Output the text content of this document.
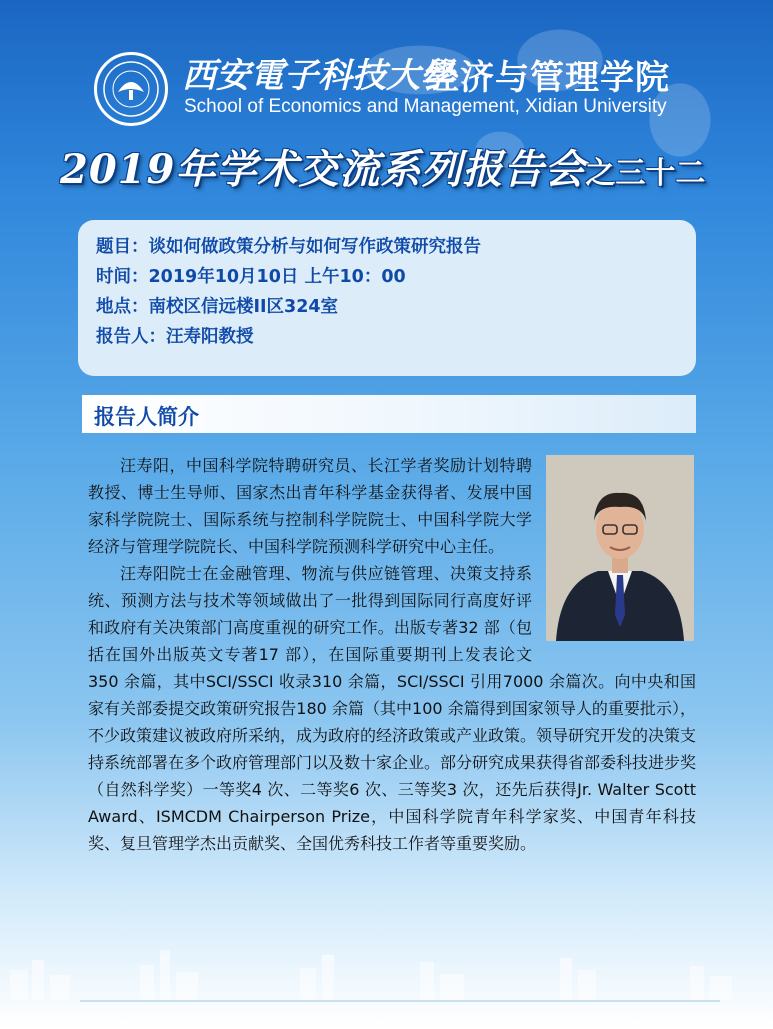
西安電子科技大學
经济与管理学院
School of Economics and Management, Xidian University
2019年学术交流系列报告会之三十二
题目：谈如何做政策分析与如何写作政策研究报告
时间：2019年10月10日 上午10：00
地点：南校区信远楼II区324室
报告人：汪寿阳教授
报告人简介

汪寿阳，中国科学院特聘研究员、长江学者奖励计划特聘教授、博士生导师、国家杰出青年科学基金获得者、发展中国家科学院院士、国际系统与控制科学院院士、中国科学院大学经济与管理学院院长、中国科学院预测科学研究中心主任。

汪寿阳院士在金融管理、物流与供应链管理、决策支持系统、预测方法与技术等领域做出了一批得到国际同行高度好评和政府有关决策部门高度重视的研究工作。出版专著32 部（包括在国外出版英文专著17 部），在国际重要期刊上发表论文350 余篇，其中SCI/SSCI 收录310 余篇，SCI/SSCI 引用7000 余篇次。向中央和国家有关部委提交政策研究报告180 余篇（其中100 余篇得到国家领导人的重要批示），不少政策建议被政府所采纳，成为政府的经济政策或产业政策。领导研究开发的决策支持系统部署在多个政府管理部门以及数十家企业。部分研究成果获得省部委科技进步奖（自然科学奖）一等奖4 次、二等奖6 次、三等奖3 次，还先后获得Jr. Walter Scott Award、ISMCDM Chairperson Prize，中国科学院青年科学家奖、中国青年科技奖、复旦管理学杰出贡献奖、全国优秀科技工作者等重要奖励。
